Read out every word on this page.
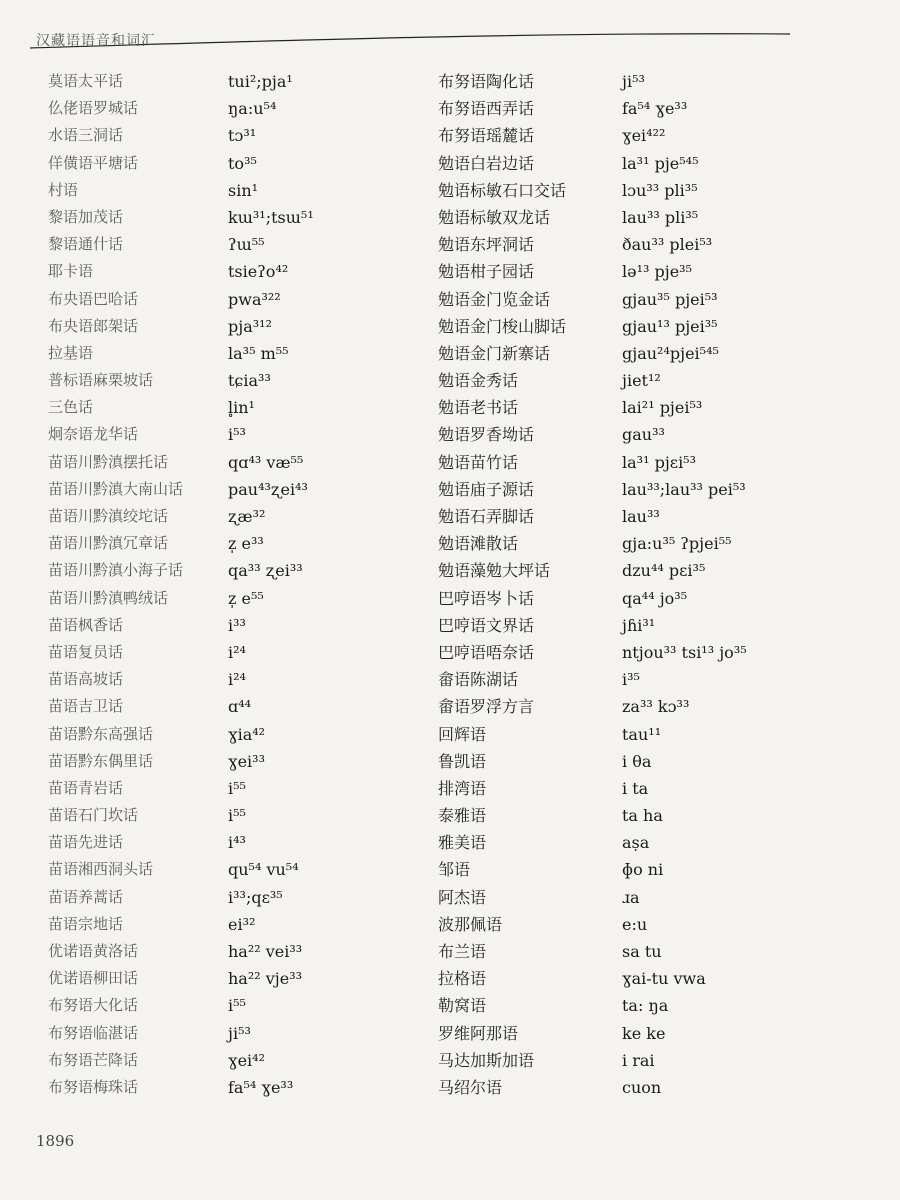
汉藏语语音和词汇
莫语太平话
仫佬语罗城话
水语三洞话
佯僙语平塘话
村语
黎语加茂话
黎语通什话
耶卡语
布央语巴哈话
布央语郎架话
拉基语
普标语麻栗坡话
三色话
炯奈语龙华话
苗语川黔滇摆托话
苗语川黔滇大南山话
苗语川黔滇绞坨话
苗语川黔滇冗章话
苗语川黔滇小海子话
苗语川黔滇鸭绒话
苗语枫香话
苗语复员话
苗语高坡话
苗语吉卫话
苗语黔东高强话
苗语黔东偶里话
苗语青岩话
苗语石门坎话
苗语先进话
苗语湘西洞头话
苗语养蒿话
苗语宗地话
优诺语黄洛话
优诺语柳田话
布努语大化话
布努语临湛话
布努语芒降话
布努语梅珠话
tui²;pja¹
ŋa:u⁵⁴
tɔ³¹
to³⁵
sin¹
kɯ³¹;tsɯ⁵¹
ʔɯ⁵⁵
tsieʔo⁴²
pwa³²²
pja³¹²
la³⁵ m⁵⁵
tɕia³³
l̥in¹
i⁵³
qɑ⁴³ væ⁵⁵
pau⁴³ʐei⁴³
ʐæ³²
z̩ e³³
qa³³ ʐei³³
z̩ e⁵⁵
i³³
i²⁴
i²⁴
ɑ⁴⁴
ɣia⁴²
ɣei³³
i⁵⁵
i⁵⁵
i⁴³
qu⁵⁴ vu⁵⁴
i³³;qɛ³⁵
ei³²
ha²² vei³³
ha²² vje³³
i⁵⁵
ji⁵³
ɣei⁴²
fa⁵⁴ ɣe³³
布努语陶化话
布努语西弄话
布努语瑶麓话
勉语白岩边话
勉语标敏石口交话
勉语标敏双龙话
勉语东坪洞话
勉语柑子园话
勉语金门览金话
勉语金门梭山脚话
勉语金门新寨话
勉语金秀话
勉语老书话
勉语罗香坳话
勉语苗竹话
勉语庙子源话
勉语石弄脚话
勉语滩散话
勉语藻勉大坪话
巴哼语岑卜话
巴哼语文界话
巴哼语唔奈话
畲语陈湖话
畲语罗浮方言
回辉语
鲁凯语
排湾语
泰雅语
雅美语
邹语
阿杰语
波那佩语
布兰语
拉格语
勒窝语
罗维阿那语
马达加斯加语
马绍尔语
ji⁵³
fa⁵⁴ ɣe³³
ɣei⁴²²
la³¹ pje⁵⁴⁵
lɔu³³ pli³⁵
lau³³ pli³⁵
ðau³³ plei⁵³
lə¹³ pje³⁵
gjau³⁵ pjei⁵³
gjau¹³ pjei³⁵
gjau²⁴pjei⁵⁴⁵
jiet¹²
lai²¹ pjei⁵³
gau³³
la³¹ pjɛi⁵³
lau³³;lau³³ pei⁵³
lau³³
gja:u³⁵ ʔpjei⁵⁵
dzu⁴⁴ pɛi³⁵
qa⁴⁴ jo³⁵
jɦi³¹
ntjou³³ tsi¹³ jo³⁵
i³⁵
za³³ kɔ³³
tau¹¹
i θa
i ta
ta ha
aṣa
ɸo ni
ɹa
e:u
sa tu
ɣai-tu vwa
ta: ŋa
ke ke
i rai
cuon
1896
